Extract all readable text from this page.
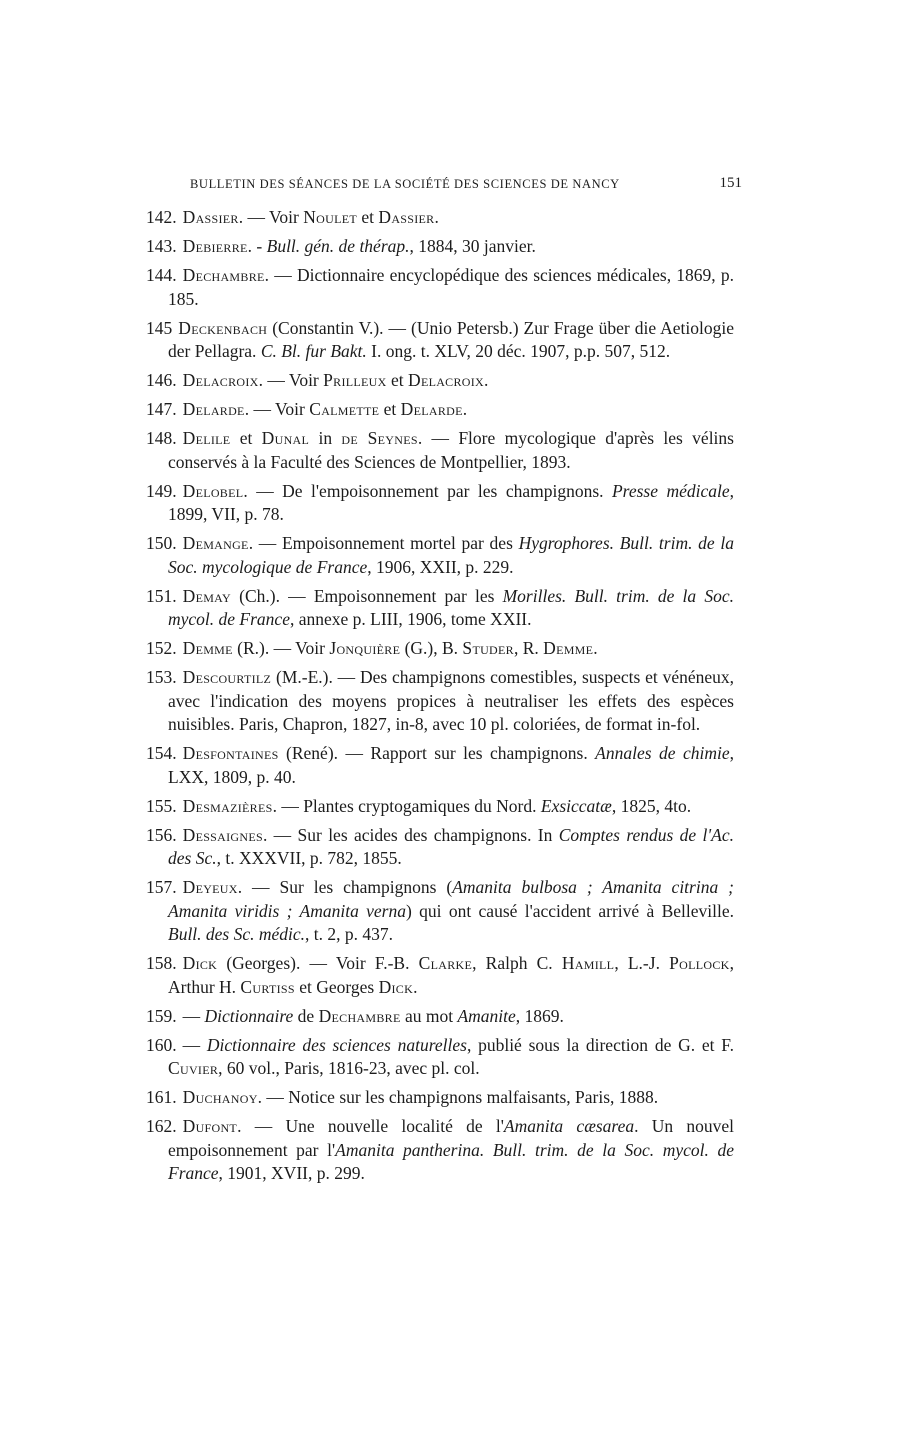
BULLETIN DES SÉANCES DE LA SOCIÉTÉ DES SCIENCES DE NANCY	151

142. Dassier. — Voir Noulet et Dassier.

143. Debierre. - Bull. gén. de thérap., 1884, 30 janvier.

144. Dechambre. — Dictionnaire encyclopédique des sciences médicales, 1869, p. 185.

145 Deckenbach (Constantin V.). — (Unio Petersb.) Zur Frage über die Aetiologie der Pellagra. C. Bl. fur Bakt. I. ong. t. XLV, 20 déc. 1907, p.p. 507, 512.

146. Delacroix. — Voir Prilleux et Delacroix.

147. Delarde. — Voir Calmette et Delarde.

148. Delile et Dunal in de Seynes. — Flore mycologique d'après les vélins conservés à la Faculté des Sciences de Montpellier, 1893.

149. Delobel. — De l'empoisonnement par les champignons. Presse médicale, 1899, VII, p. 78.

150. Demange. — Empoisonnement mortel par des Hygrophores. Bull. trim. de la Soc. mycologique de France, 1906, XXII, p. 229.

151. Demay (Ch.). — Empoisonnement par les Morilles. Bull. trim. de la Soc. mycol. de France, annexe p. LIII, 1906, tome XXII.

152. Demme (R.). — Voir Jonquière (G.), B. Studer, R. Demme.

153. Descourtilz (M.-E.). — Des champignons comestibles, suspects et vénéneux, avec l'indication des moyens propices à neutraliser les effets des espèces nuisibles. Paris, Chapron, 1827, in-8, avec 10 pl. coloriées, de format in-fol.

154. Desfontaines (René). — Rapport sur les champignons. Annales de chimie, LXX, 1809, p. 40.

155. Desmazières. — Plantes cryptogamiques du Nord. Exsiccatæ, 1825, 4to.

156. Dessaignes. — Sur les acides des champignons. In Comptes rendus de l'Ac. des Sc., t. XXXVII, p. 782, 1855.

157. Deyeux. — Sur les champignons (Amanita bulbosa ; Amanita citrina ; Amanita viridis ; Amanita verna) qui ont causé l'accident arrivé à Belleville. Bull. des Sc. médic., t. 2, p. 437.

158. Dick (Georges). — Voir F.-B. Clarke, Ralph C. Hamill, L.-J. Pollock, Arthur H. Curtiss et Georges Dick.

159. — Dictionnaire de Dechambre au mot Amanite, 1869.

160. — Dictionnaire des sciences naturelles, publié sous la direction de G. et F. Cuvier, 60 vol., Paris, 1816-23, avec pl. col.

161. Duchanoy. — Notice sur les champignons malfaisants, Paris, 1888.

162. Dufont. — Une nouvelle localité de l'Amanita cæsarea. Un nouvel empoisonnement par l'Amanita pantherina. Bull. trim. de la Soc. mycol. de France, 1901, XVII, p. 299.
